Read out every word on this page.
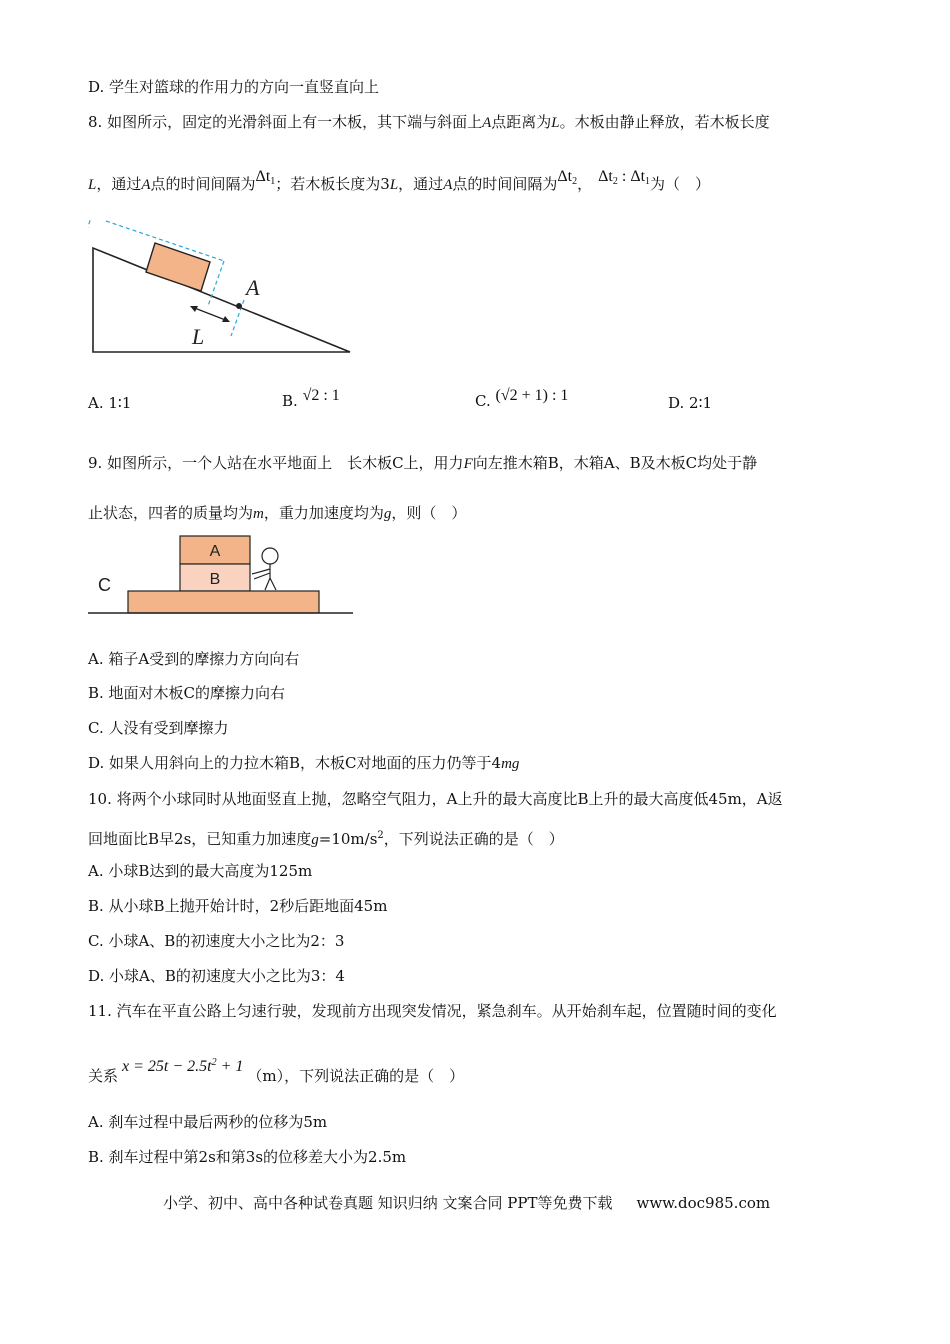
D. 学生对篮球的作用力的方向一直竖直向上
8. 如图所示，固定的光滑斜面上有一木板，其下端与斜面上A点距离为L。木板由静止释放，若木板长度
L，通过A点的时间间隔为$\Delta t_1$；若木板长度为3L，通过A点的时间间隔为$\Delta t_2$， $\Delta t_2$ : $\Delta t_1$为（　）
A
L
A. 1∶1	B. √2 : 1	C. (√2 + 1) : 1	D. 2∶1
9. 如图所示，一个人站在水平地面上　长木板C上，用力F向左推木箱B，木箱A、B及木板C均处于静
止状态，四者的质量均为m，重力加速度均为g，则（　）
A
B
C
A. 箱子A受到的摩擦力方向向右
B. 地面对木板C的摩擦力向右
C. 人没有受到摩擦力
D. 如果人用斜向上的力拉木箱B，木板C对地面的压力仍等于4mg
10. 将两个小球同时从地面竖直上抛，忽略空气阻力，A上升的最大高度比B上升的最大高度低45m，A返
回地面比B早2s，已知重力加速度$g=10m/s^2$，下列说法正确的是（　）
A. 小球B达到的最大高度为125m
B. 从小球B上抛开始计时，2秒后距地面45m
C. 小球A、B的初速度大小之比为2：3
D. 小球A、B的初速度大小之比为3：4
11. 汽车在平直公路上匀速行驶，发现前方出现突发情况，紧急刹车。从开始刹车起，位置随时间的变化
关系$x = 25t - 2.5t^2 + 1(m)$，下列说法正确的是（　）
A. 刹车过程中最后两秒的位移为5m
B. 刹车过程中第2s和第3s的位移差大小为2.5m
小学、初中、高中各种试卷真题 知识归纳 文案合同 PPT等免费下载 www.doc985.com
